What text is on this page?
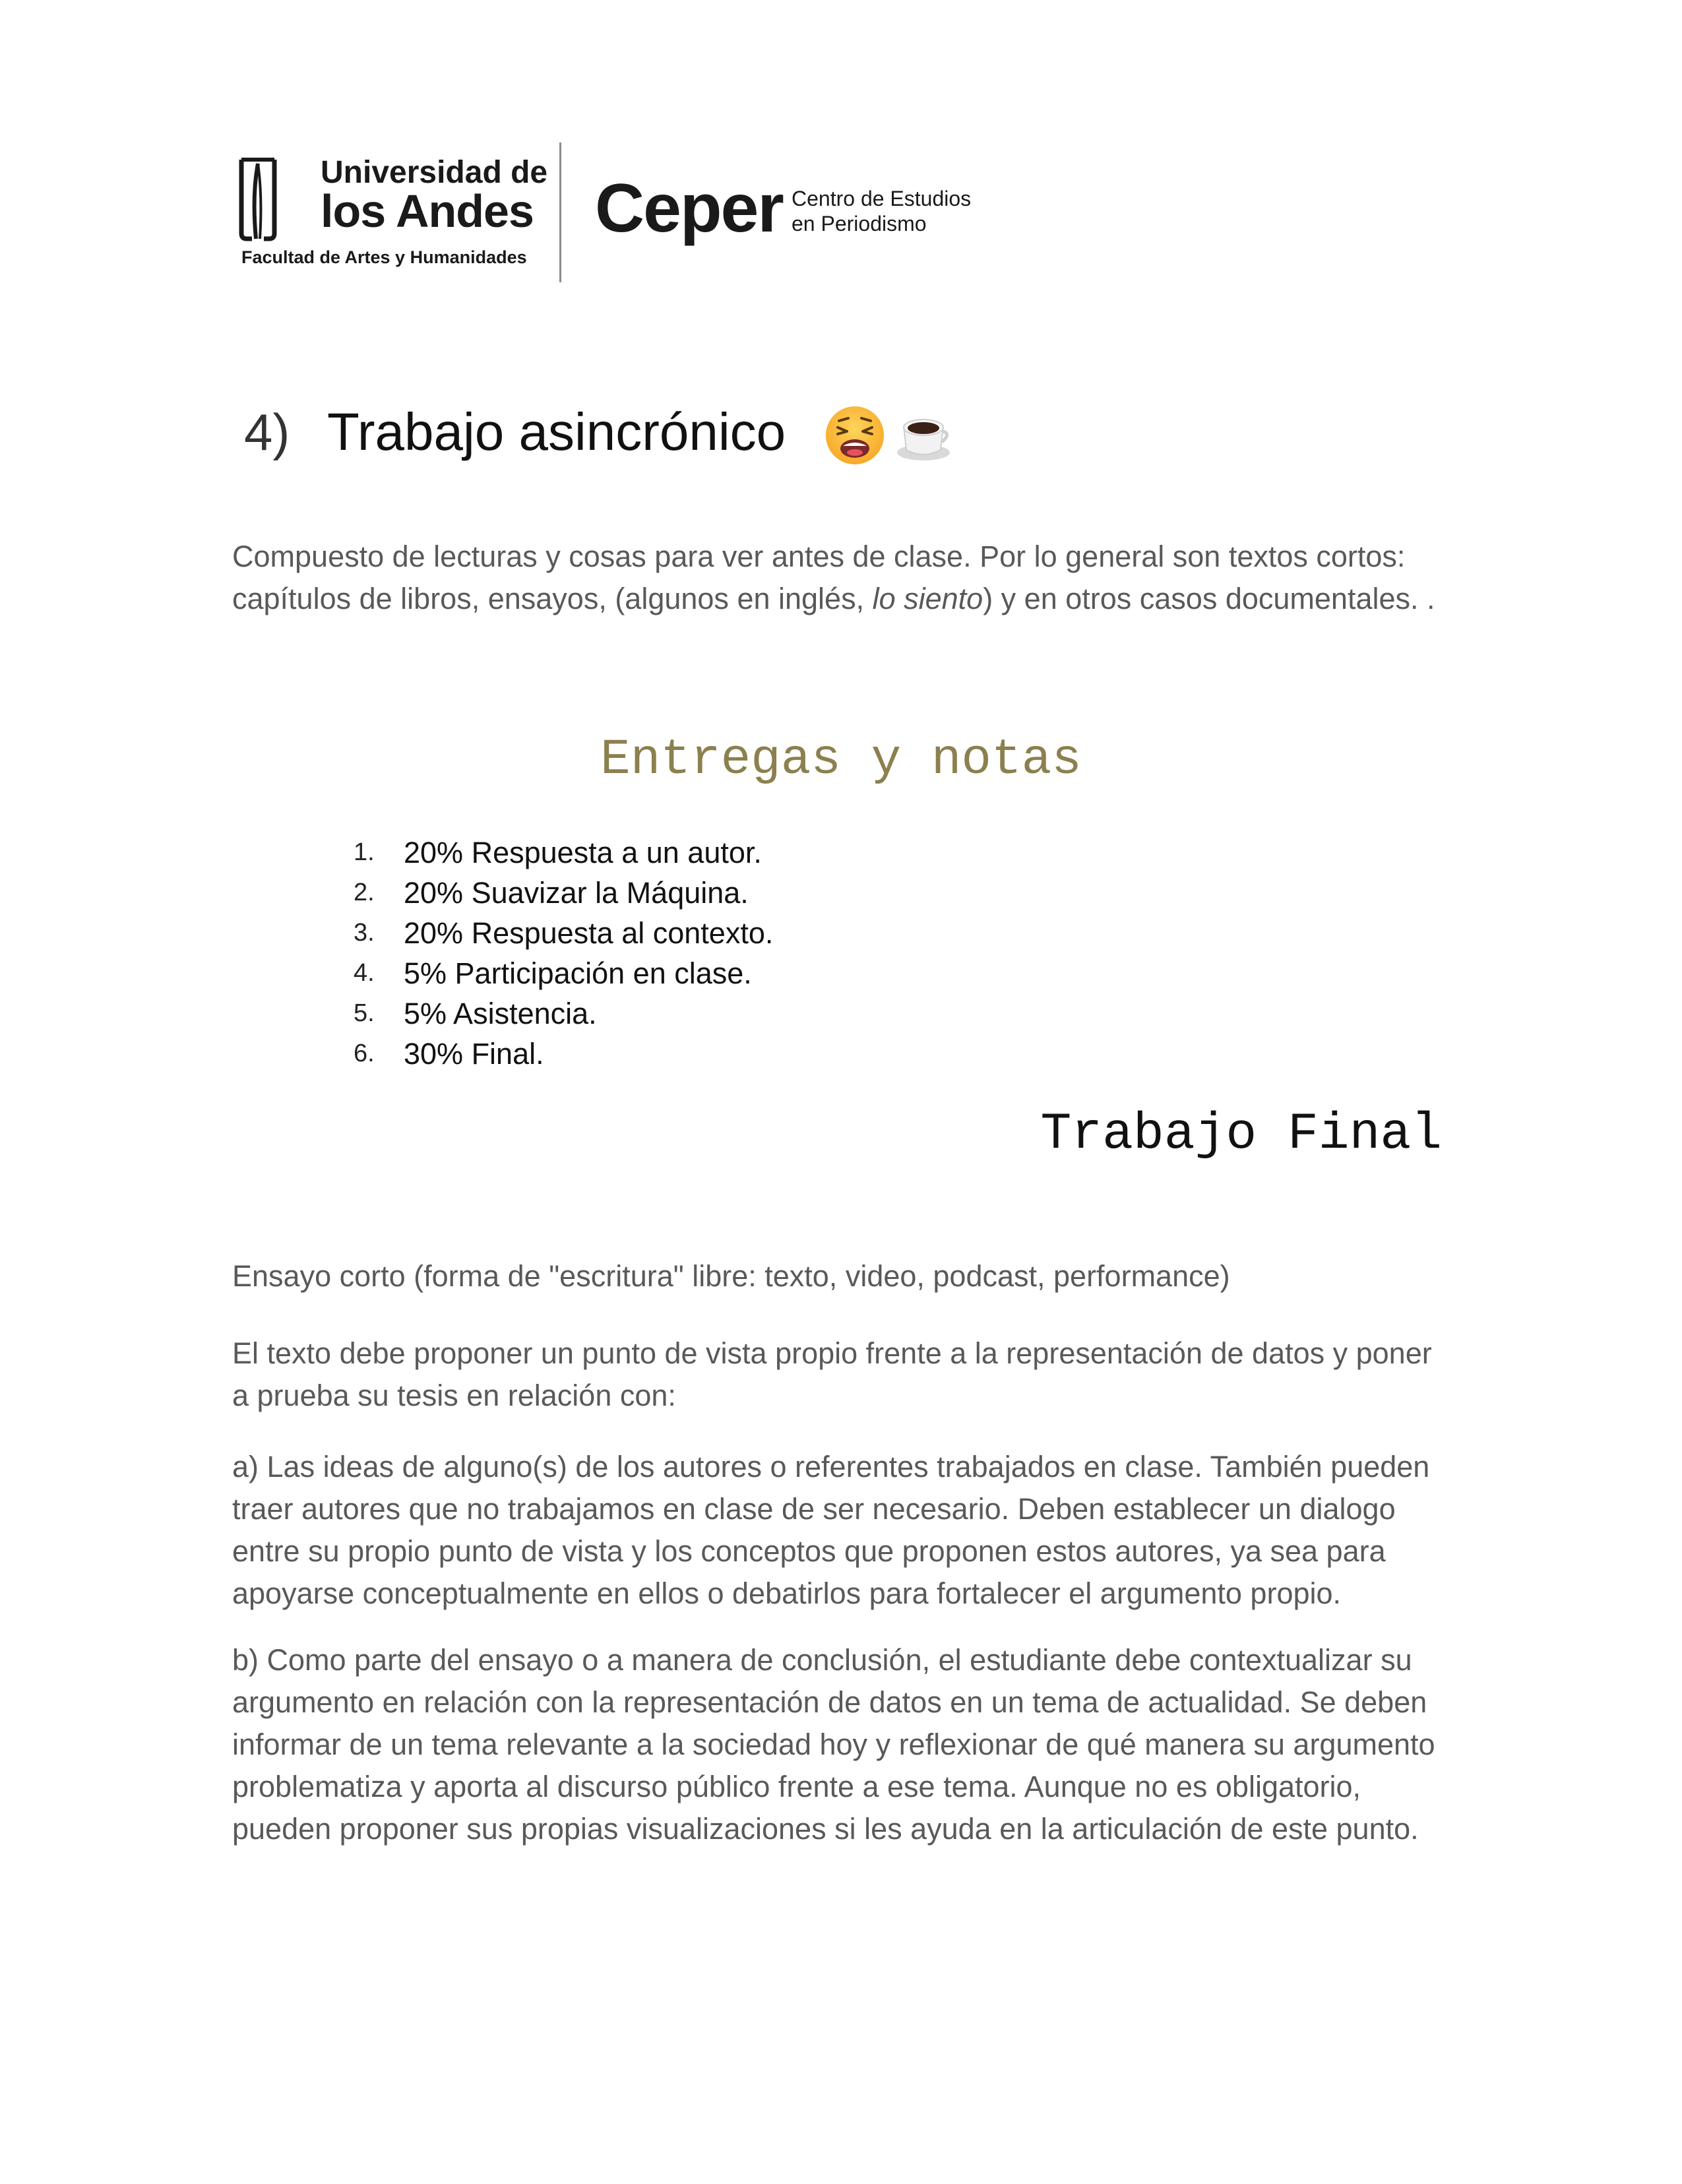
Universidad de
los Andes
Facultad de Artes y Humanidades
Ceper Centro de Estudios
en Periodismo
4) Trabajo asincrónico

Compuesto de lecturas y cosas para ver antes de clase. Por lo general son textos cortos: capítulos de libros, ensayos, (algunos en inglés, lo siento) y en otros casos documentales. .

Entregas y notas
1. 20% Respuesta a un autor.
2. 20% Suavizar la Máquina.
3. 20% Respuesta al contexto.
4. 5% Participación en clase.
5. 5% Asistencia.
6. 30% Final.
Trabajo Final

Ensayo corto (forma de "escritura" libre: texto, video, podcast, performance)

El texto debe proponer un punto de vista propio frente a la representación de datos y poner a prueba su tesis en relación con:

a) Las ideas de alguno(s) de los autores o referentes trabajados en clase. También pueden traer autores que no trabajamos en clase de ser necesario. Deben establecer un dialogo entre su propio punto de vista y los conceptos que proponen estos autores, ya sea para apoyarse conceptualmente en ellos o debatirlos para fortalecer el argumento propio.

b) Como parte del ensayo o a manera de conclusión, el estudiante debe contextualizar su argumento en relación con la representación de datos en un tema de actualidad. Se deben informar de un tema relevante a la sociedad hoy y reflexionar de qué manera su argumento problematiza y aporta al discurso público frente a ese tema. Aunque no es obligatorio, pueden proponer sus propias visualizaciones si les ayuda en la articulación de este punto.
